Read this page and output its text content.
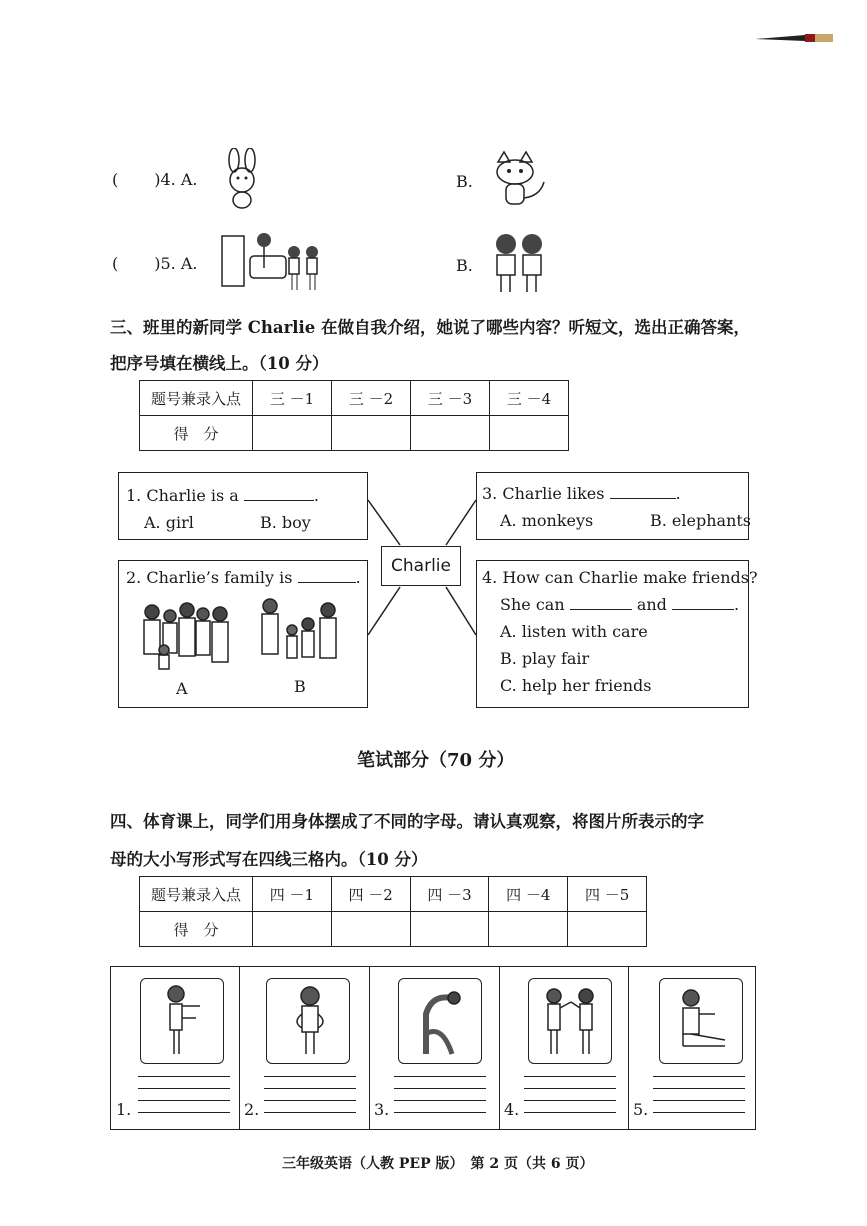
( )4. A.	B.
( )5. A.	B.
三、班里的新同学 Charlie 在做自我介绍，她说了哪些内容？听短文，选出正确答案，
把序号填在横线上。（10 分）
题号兼录入点	三 －1	三 －2	三 －3	三 －4
得　分				
1. Charlie is a	.
A. girl	B. boy
2. Charlie’s family is	.
A	B
Charlie
3. Charlie likes	.
A. monkeys	B. elephants
4. How can Charlie make friends?
She can	and	.
A. listen with care
B. play fair
C. help her friends
笔试部分（70 分）
四、体育课上，同学们用身体摆成了不同的字母。请认真观察，将图片所表示的字
母的大小写形式写在四线三格内。（10 分）
题号兼录入点	四 －1	四 －2	四 －3	四 －4	四 －5
得　分					
1.	2.	3.	4.	5.
三年级英语（人教 PEP 版）　第 2 页（共 6 页）
